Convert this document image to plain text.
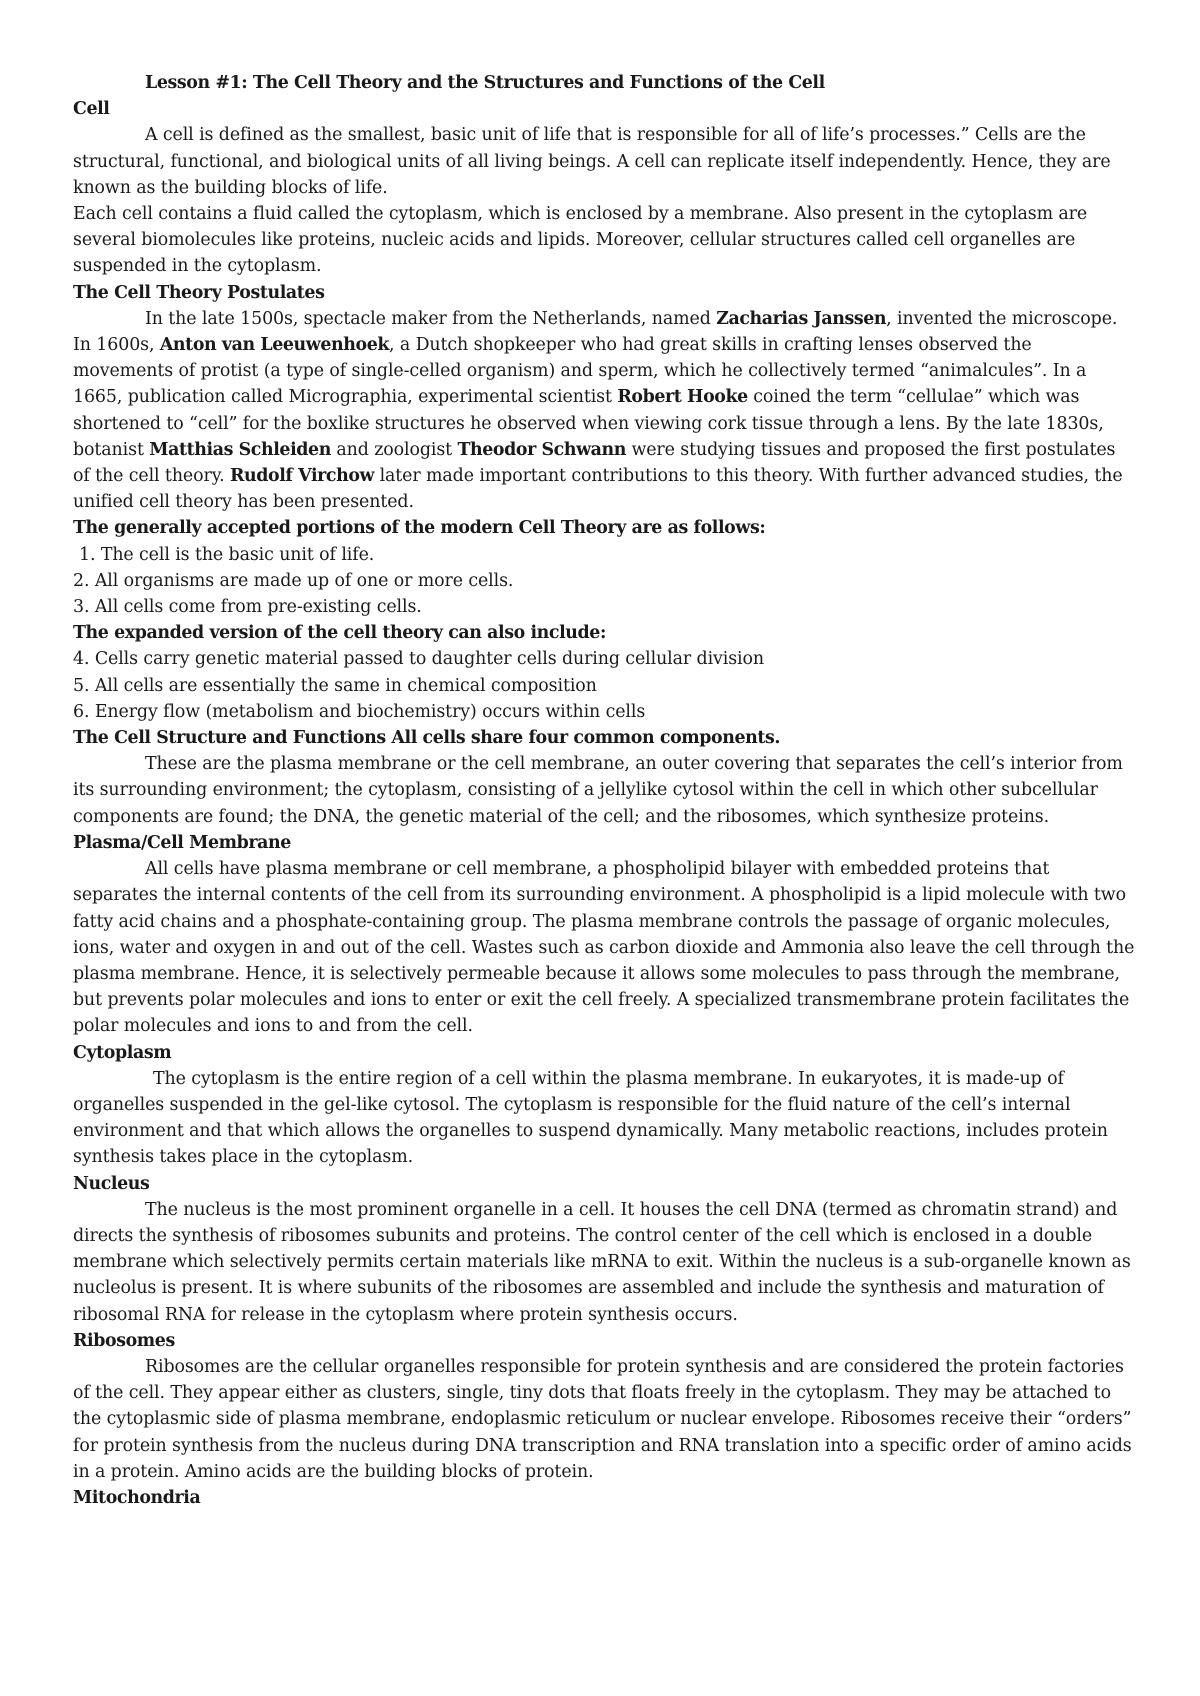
Lesson #1: The Cell Theory and the Structures and Functions of the Cell

Cell

A cell is defined as the smallest, basic unit of life that is responsible for all of life’s processes.” Cells are the structural, functional, and biological units of all living beings. A cell can replicate itself independently. Hence, they are known as the building blocks of life.

Each cell contains a fluid called the cytoplasm, which is enclosed by a membrane. Also present in the cytoplasm are several biomolecules like proteins, nucleic acids and lipids. Moreover, cellular structures called cell organelles are suspended in the cytoplasm.

The Cell Theory Postulates

In the late 1500s, spectacle maker from the Netherlands, named Zacharias Janssen, invented the microscope. In 1600s, Anton van Leeuwenhoek, a Dutch shopkeeper who had great skills in crafting lenses observed the movements of protist (a type of single-celled organism) and sperm, which he collectively termed “animalcules”. In a 1665, publication called Micrographia, experimental scientist Robert Hooke coined the term “cellulae” which was shortened to “cell” for the boxlike structures he observed when viewing cork tissue through a lens. By the late 1830s, botanist Matthias Schleiden and zoologist Theodor Schwann were studying tissues and proposed the first postulates of the cell theory. Rudolf Virchow later made important contributions to this theory. With further advanced studies, the unified cell theory has been presented.

The generally accepted portions of the modern Cell Theory are as follows:

1. The cell is the basic unit of life.

2. All organisms are made up of one or more cells.

3. All cells come from pre-existing cells.

The expanded version of the cell theory can also include:

4. Cells carry genetic material passed to daughter cells during cellular division

5. All cells are essentially the same in chemical composition

6. Energy flow (metabolism and biochemistry) occurs within cells

The Cell Structure and Functions All cells share four common components.

These are the plasma membrane or the cell membrane, an outer covering that separates the cell’s interior from its surrounding environment; the cytoplasm, consisting of a jellylike cytosol within the cell in which other subcellular components are found; the DNA, the genetic material of the cell; and the ribosomes, which synthesize proteins.

Plasma/Cell Membrane

All cells have plasma membrane or cell membrane, a phospholipid bilayer with embedded proteins that separates the internal contents of the cell from its surrounding environment. A phospholipid is a lipid molecule with two fatty acid chains and a phosphate-containing group. The plasma membrane controls the passage of organic molecules, ions, water and oxygen in and out of the cell. Wastes such as carbon dioxide and Ammonia also leave the cell through the plasma membrane. Hence, it is selectively permeable because it allows some molecules to pass through the membrane, but prevents polar molecules and ions to enter or exit the cell freely. A specialized transmembrane protein facilitates the polar molecules and ions to and from the cell.

Cytoplasm

The cytoplasm is the entire region of a cell within the plasma membrane. In eukaryotes, it is made-up of organelles suspended in the gel-like cytosol. The cytoplasm is responsible for the fluid nature of the cell’s internal environment and that which allows the organelles to suspend dynamically. Many metabolic reactions, includes protein synthesis takes place in the cytoplasm.

Nucleus

The nucleus is the most prominent organelle in a cell. It houses the cell DNA (termed as chromatin strand) and directs the synthesis of ribosomes subunits and proteins. The control center of the cell which is enclosed in a double membrane which selectively permits certain materials like mRNA to exit. Within the nucleus is a sub-organelle known as nucleolus is present. It is where subunits of the ribosomes are assembled and include the synthesis and maturation of ribosomal RNA for release in the cytoplasm where protein synthesis occurs.

Ribosomes

Ribosomes are the cellular organelles responsible for protein synthesis and are considered the protein factories of the cell. They appear either as clusters, single, tiny dots that floats freely in the cytoplasm. They may be attached to the cytoplasmic side of plasma membrane, endoplasmic reticulum or nuclear envelope. Ribosomes receive their “orders” for protein synthesis from the nucleus during DNA transcription and RNA translation into a specific order of amino acids in a protein. Amino acids are the building blocks of protein.

Mitochondria
